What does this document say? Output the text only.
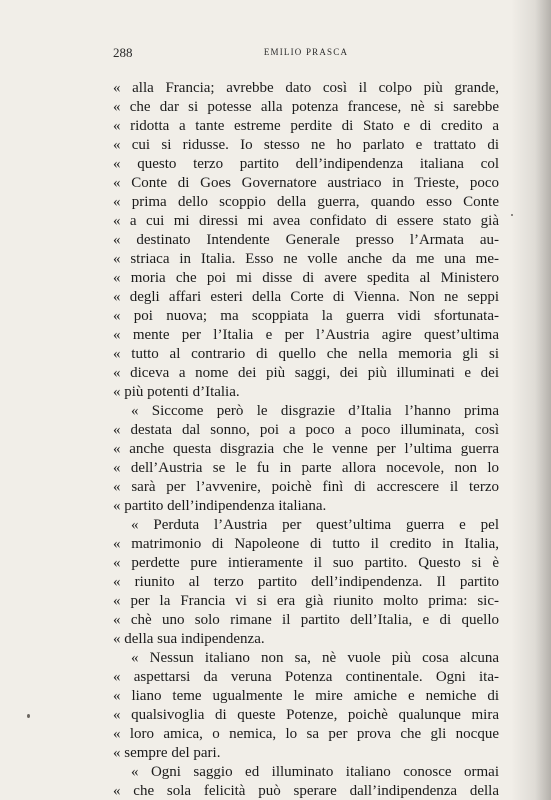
288	EMILIO PRASCA
« alla Francia; avrebbe dato così il colpo più grande,
« che dar si potesse alla potenza francese, nè si sarebbe
« ridotta a tante estreme perdite di Stato e di credito a
« cui si ridusse. Io stesso ne ho parlato e trattato di
« questo terzo partito dell’indipendenza italiana col
« Conte di Goes Governatore austriaco in Trieste, poco
« prima dello scoppio della guerra, quando esso Conte
« a cui mi diressi mi avea confidato di essere stato già
« destinato Intendente Generale presso l’Armata au-
« striaca in Italia. Esso ne volle anche da me una me-
« moria che poi mi disse di avere spedita al Ministero
« degli affari esteri della Corte di Vienna. Non ne seppi
« poi nuova; ma scoppiata la guerra vidi sfortunata-
« mente per l’Italia e per l’Austria agire quest’ultima
« tutto al contrario di quello che nella memoria gli si
« diceva a nome dei più saggi, dei più illuminati e dei
« più potenti d’Italia.
« Siccome però le disgrazie d’Italia l’hanno prima
« destata dal sonno, poi a poco a poco illuminata, così
« anche questa disgrazia che le venne per l’ultima guerra
« dell’Austria se le fu in parte allora nocevole, non lo
« sarà per l’avvenire, poichè finì di accrescere il terzo
« partito dell’indipendenza italiana.
« Perduta l’Austria per quest’ultima guerra e pel
« matrimonio di Napoleone di tutto il credito in Italia,
« perdette pure intieramente il suo partito. Questo si è
« riunito al terzo partito dell’indipendenza. Il partito
« per la Francia vi si era già riunito molto prima: sic-
« chè uno solo rimane il partito dell’Italia, e di quello
« della sua indipendenza.
« Nessun italiano non sa, nè vuole più cosa alcuna
« aspettarsi da veruna Potenza continentale. Ogni ita-
« liano teme ugualmente le mire amiche e nemiche di
« qualsivoglia di queste Potenze, poichè qualunque mira
« loro amica, o nemica, lo sa per prova che gli nocque
« sempre del pari.
« Ogni saggio ed illuminato italiano conosce ormai
« che sola felicità può sperare dall’indipendenza della
